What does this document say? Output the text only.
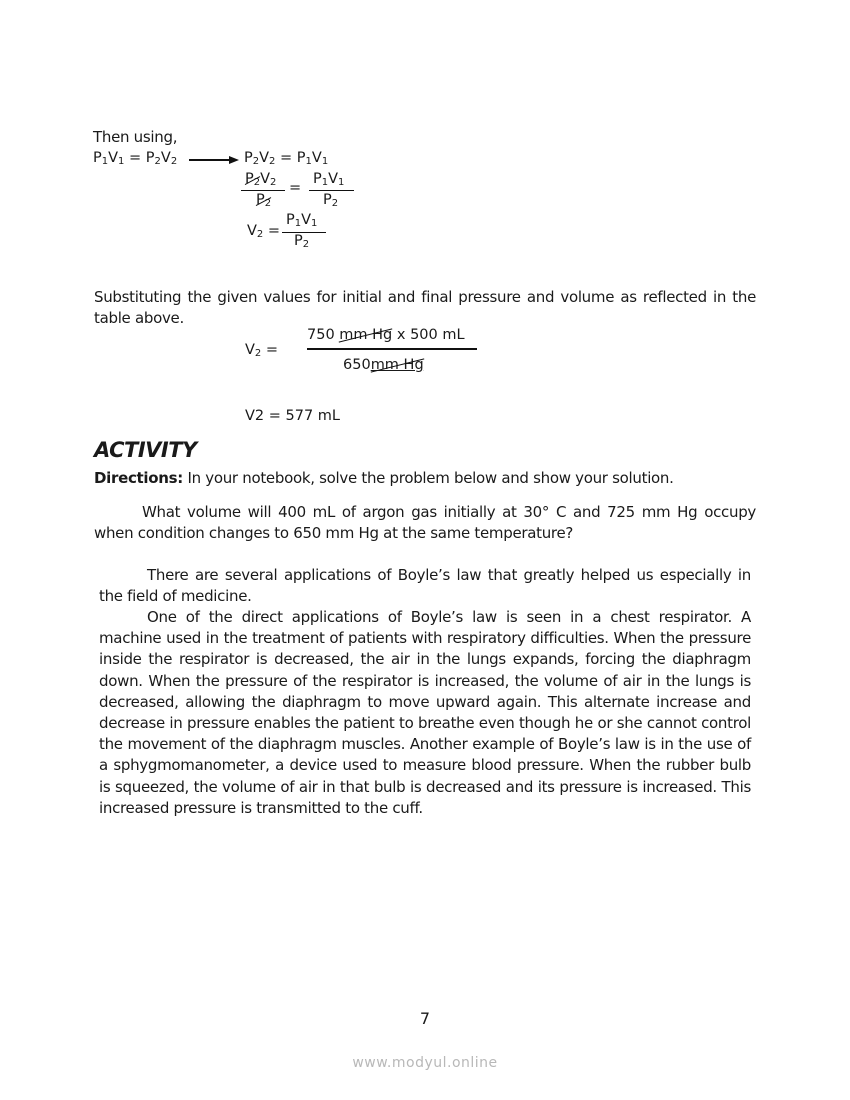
Then using,
$P_1V_1 = P_2V_2$	$P_2V_2 = P_1V_1$
$P_2V_2$
$P_2$
=
$P_1V_1$
$P_2$
$V_2$ =
$P_1V_1$
$P_2$
Substituting the given values for initial and final pressure and volume as reflected in the table above.
$V_2$ =
750 mm Hg x 500 mL
650mm Hg
V2 = 577 mL
ACTIVITY
Directions: In your notebook, solve the problem below and show your solution.
What volume will 400 mL of argon gas initially at 30° C and 725 mm Hg occupy when condition changes to 650 mm Hg at the same temperature?
There are several applications of Boyle’s law that greatly helped us especially in the field of medicine.
One of the direct applications of Boyle’s law is seen in a chest respirator. A machine used in the treatment of patients with respiratory difficulties. When the pressure inside the respirator is decreased, the air in the lungs expands, forcing the diaphragm down. When the pressure of the respirator is increased, the volume of air in the lungs is decreased, allowing the diaphragm to move upward again. This alternate increase and decrease in pressure enables the patient to breathe even though he or she cannot control the movement of the diaphragm muscles. Another example of Boyle’s law is in the use of a sphygmomanometer, a device used to measure blood pressure. When the rubber bulb is squeezed, the volume of air in that bulb is decreased and its pressure is increased. This increased pressure is transmitted to the cuff.
7
www.modyul.online
